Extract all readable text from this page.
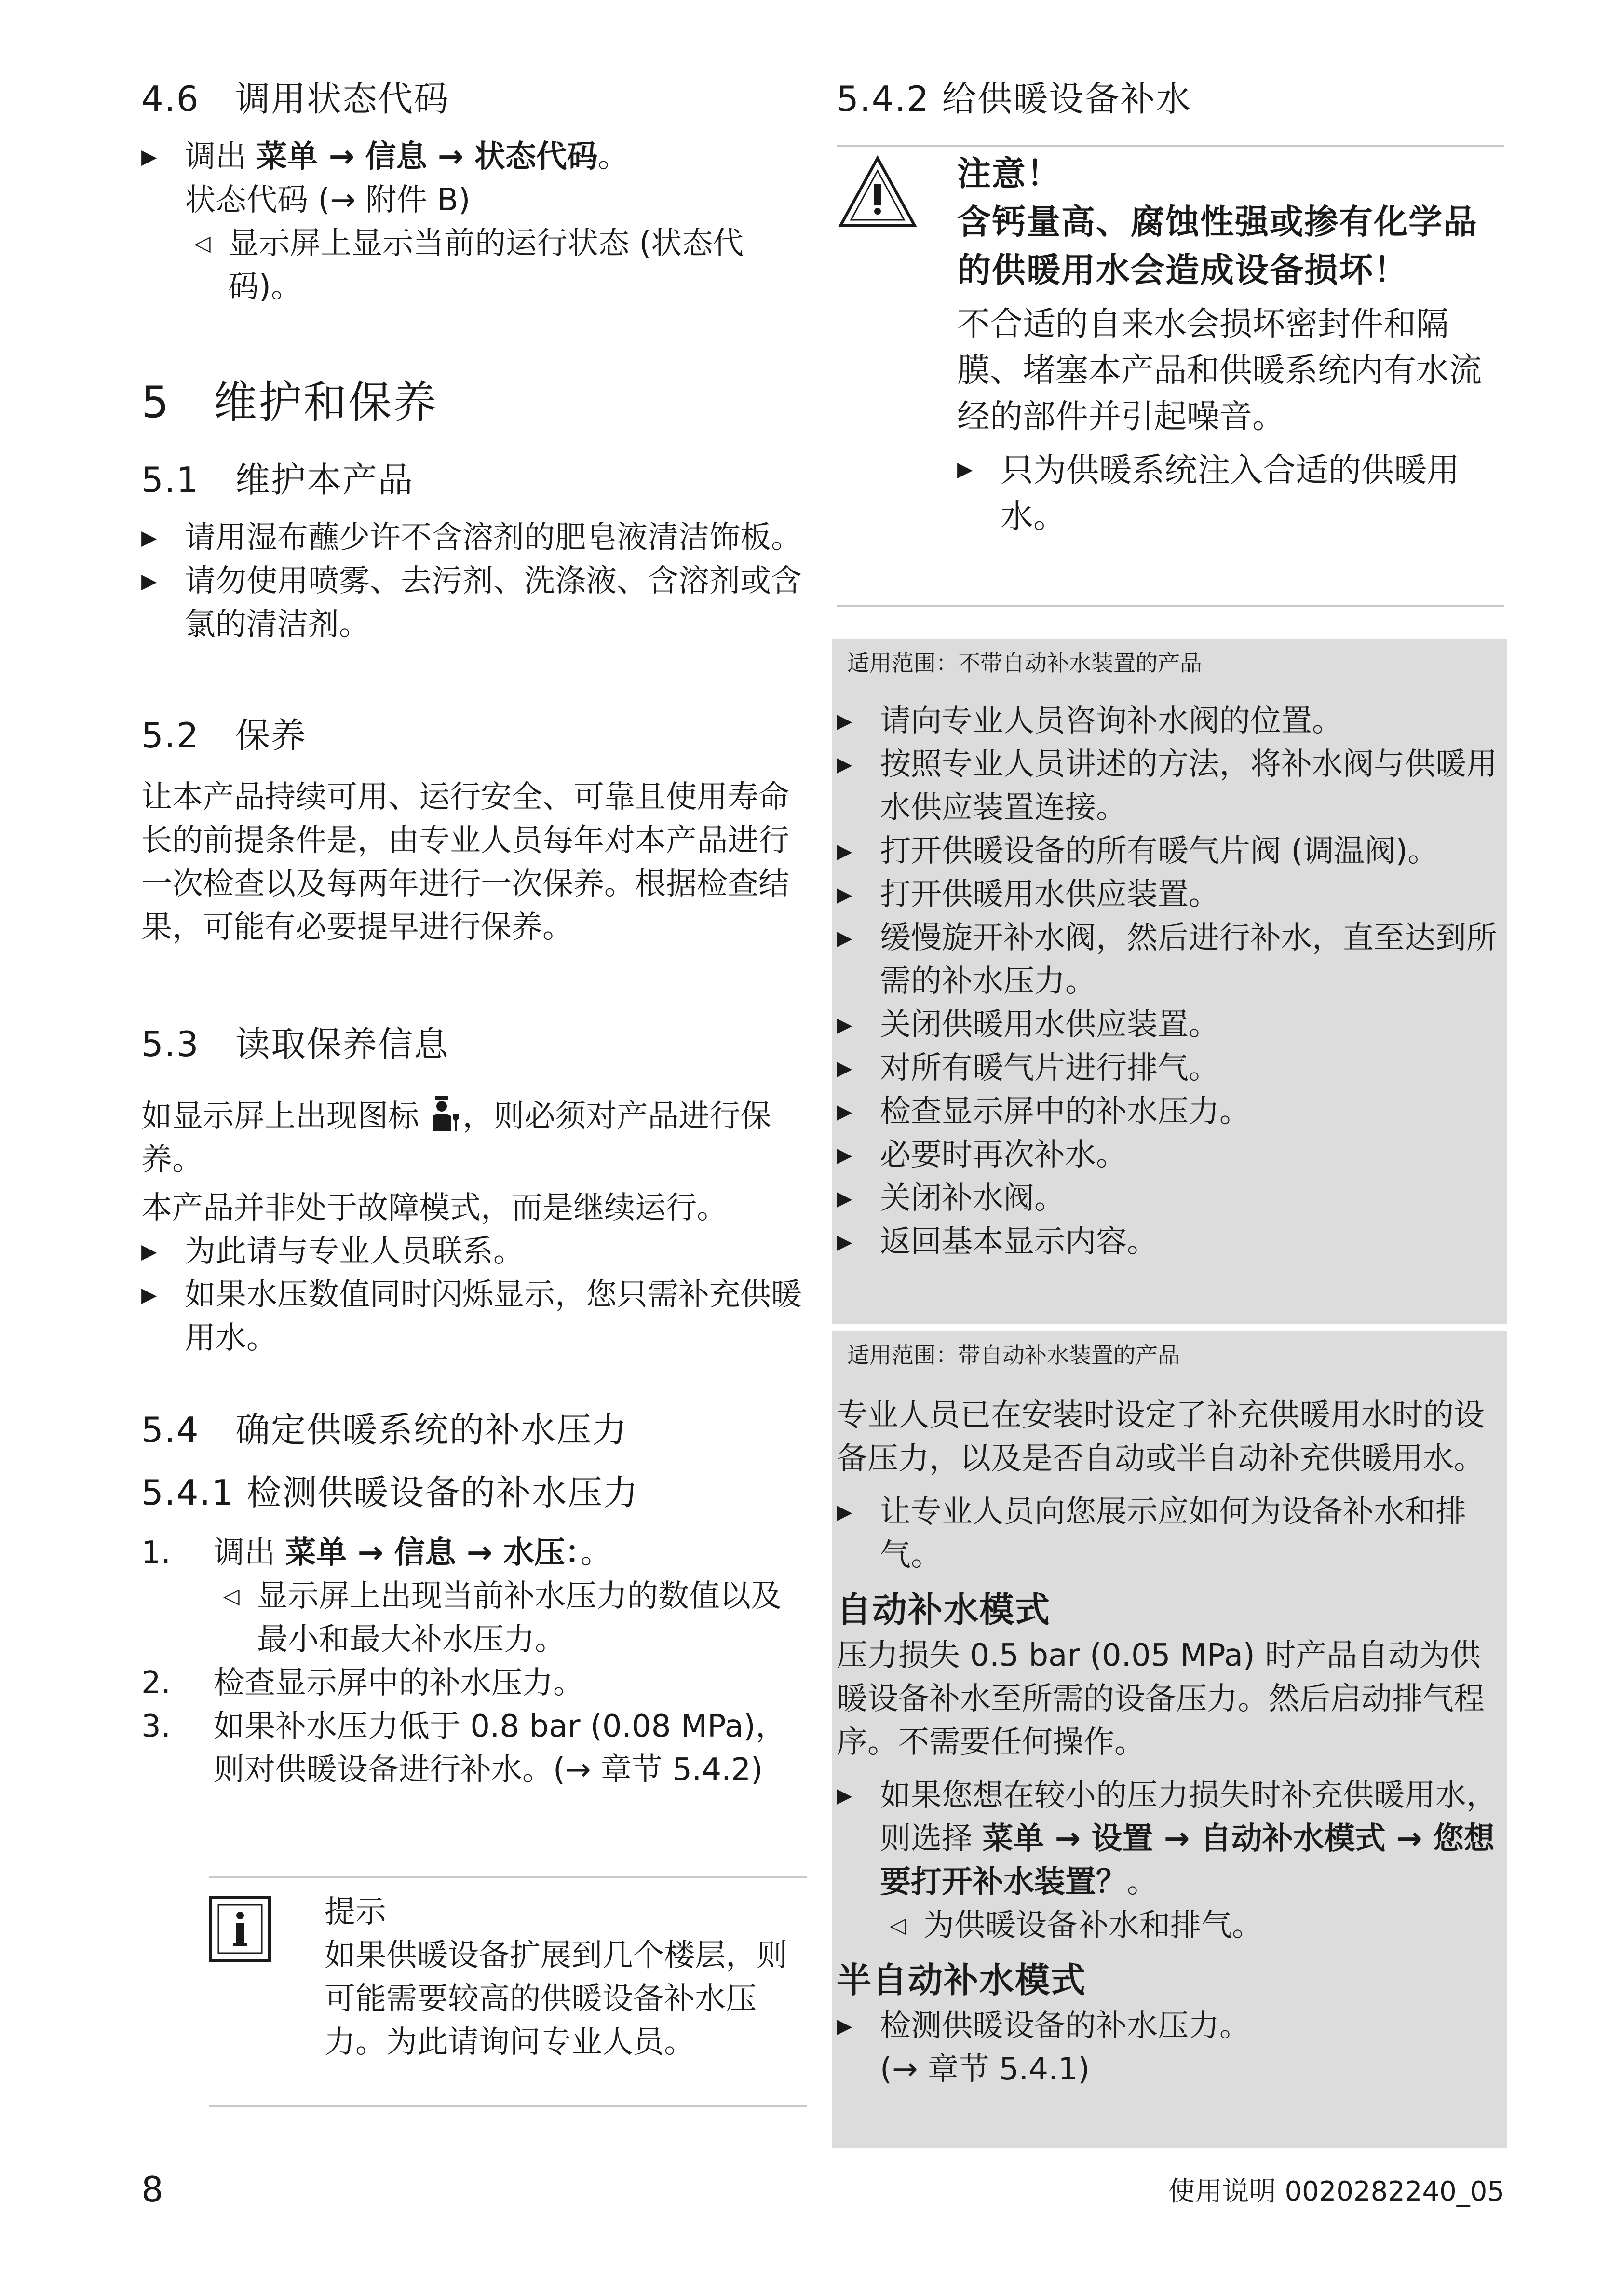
4.6 调用状态代码
▶ 调出 菜单 → 信息 → 状态代码。
状态代码 (→ 附件 B)
◁ 显示屏上显示当前的运行状态 (状态代码)。
5 维护和保养
5.1 维护本产品
▶ 请用湿布蘸少许不含溶剂的肥皂液清洁饰板。
▶ 请勿使用喷雾、去污剂、洗涤液、含溶剂或含氯的清洁剂。
5.2 保养

让本产品持续可用、运行安全、可靠且使用寿命长的前提条件是，由专业人员每年对本产品进行一次检查以及每两年进行一次保养。根据检查结果，可能有必要提早进行保养。

5.3 读取保养信息

如显示屏上出现图标 ，则必须对产品进行保养。

本产品并非处于故障模式，而是继续运行。

▶ 为此请与专业人员联系。
▶ 如果水压数值同时闪烁显示，您只需补充供暖用水。
5.4 确定供暖系统的补水压力
5.4.1 检测供暖设备的补水压力
1. 调出 菜单 → 信息 → 水压：。
◁ 显示屏上出现当前补水压力的数值以及最小和最大补水压力。
2. 检查显示屏中的补水压力。
3. 如果补水压力低于 0.8 bar (0.08 MPa)，则对供暖设备进行补水。(→ 章节 5.4.2)

提示

如果供暖设备扩展到几个楼层，则可能需要较高的供暖设备补水压力。为此请询问专业人员。

5.4.2 给供暖设备补水

注意！

含钙量高、腐蚀性强或掺有化学品的供暖用水会造成设备损坏！

不合适的自来水会损坏密封件和隔膜、堵塞本产品和供暖系统内有水流经的部件并引起噪音。

▶ 只为供暖系统注入合适的供暖用水。

适用范围：不带自动补水装置的产品

▶ 请向专业人员咨询补水阀的位置。
▶ 按照专业人员讲述的方法，将补水阀与供暖用水供应装置连接。
▶ 打开供暖设备的所有暖气片阀 (调温阀)。
▶ 打开供暖用水供应装置。
▶ 缓慢旋开补水阀，然后进行补水，直至达到所需的补水压力。
▶ 关闭供暖用水供应装置。
▶ 对所有暖气片进行排气。
▶ 检查显示屏中的补水压力。
▶ 必要时再次补水。
▶ 关闭补水阀。
▶ 返回基本显示内容。

适用范围：带自动补水装置的产品

专业人员已在安装时设定了补充供暖用水时的设备压力，以及是否自动或半自动补充供暖用水。

▶ 让专业人员向您展示应如何为设备补水和排气。

自动补水模式

压力损失 0.5 bar (0.05 MPa) 时产品自动为供暖设备补水至所需的设备压力。然后启动排气程序。不需要任何操作。

▶ 如果您想在较小的压力损失时补充供暖用水，则选择 菜单 → 设置 → 自动补水模式 → 您想要打开补水装置？。
◁ 为供暖设备补水和排气。

半自动补水模式

▶ 检测供暖设备的补水压力。
(→ 章节 5.4.1)
8	使用说明 0020282240_05
